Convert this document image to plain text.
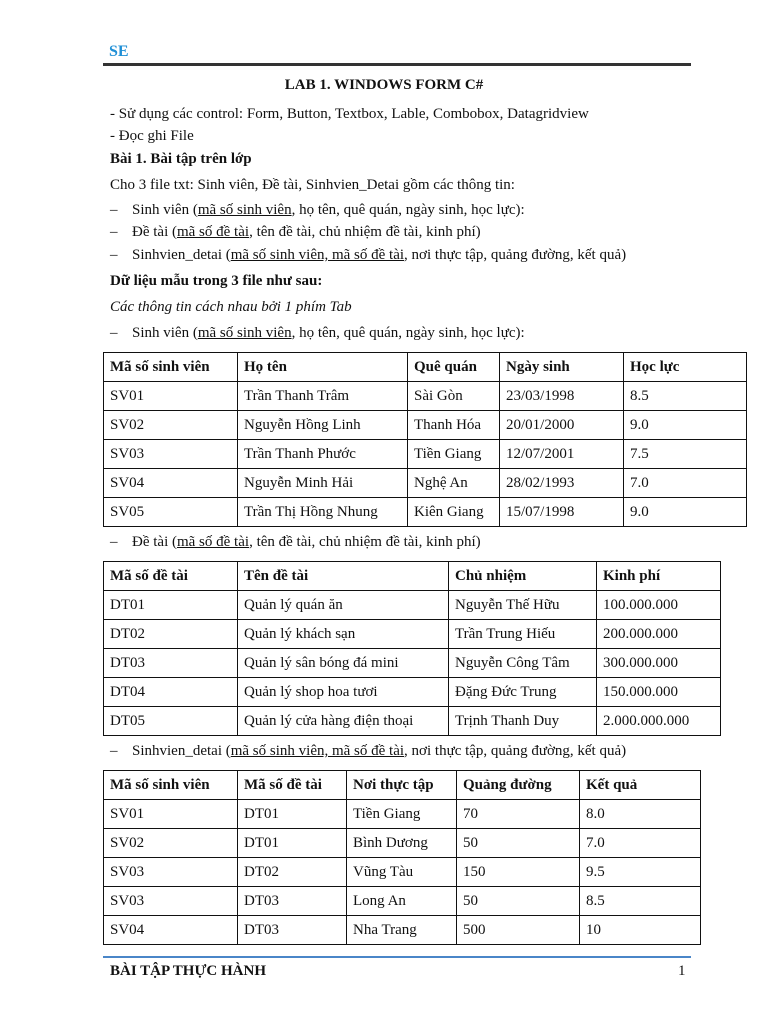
SE
LAB 1. WINDOWS FORM C#
- Sử dụng các control: Form, Button, Textbox, Lable, Combobox, Datagridview
- Đọc ghi File
Bài 1. Bài tập trên lớp
Cho 3 file txt: Sinh viên, Đề tài, Sinhvien_Detai gồm các thông tin:
– Sinh viên (mã số sinh viên, họ tên, quê quán, ngày sinh, học lực):
– Đề tài (mã số đề tài, tên đề tài, chủ nhiệm đề tài, kinh phí)
– Sinhvien_detai (mã số sinh viên, mã số đề tài, nơi thực tập, quảng đường, kết quả)
Dữ liệu mẫu trong 3 file như sau:
Các thông tin cách nhau bởi 1 phím Tab
– Sinh viên (mã số sinh viên, họ tên, quê quán, ngày sinh, học lực):
Mã số sinh viên	Họ tên	Quê quán	Ngày sinh	Học lực
SV01	Trần Thanh Trâm	Sài Gòn	23/03/1998	8.5
SV02	Nguyễn Hồng Linh	Thanh Hóa	20/01/2000	9.0
SV03	Trần Thanh Phước	Tiền Giang	12/07/2001	7.5
SV04	Nguyễn Minh Hải	Nghệ An	28/02/1993	7.0
SV05	Trần Thị Hồng Nhung	Kiên Giang	15/07/1998	9.0
– Đề tài (mã số đề tài, tên đề tài, chủ nhiệm đề tài, kinh phí)
Mã số đề tài	Tên đề tài	Chủ nhiệm	Kinh phí
DT01	Quản lý quán ăn	Nguyễn Thế Hữu	100.000.000
DT02	Quản lý khách sạn	Trần Trung Hiếu	200.000.000
DT03	Quản lý sân bóng đá mini	Nguyễn Công Tâm	300.000.000
DT04	Quản lý shop hoa tươi	Đặng Đức Trung	150.000.000
DT05	Quản lý cửa hàng điện thoại	Trịnh Thanh Duy	2.000.000.000
– Sinhvien_detai (mã số sinh viên, mã số đề tài, nơi thực tập, quảng đường, kết quả)
Mã số sinh viên	Mã số đề tài	Nơi thực tập	Quảng đường	Kết quả
SV01	DT01	Tiền Giang	70	8.0
SV02	DT01	Bình Dương	50	7.0
SV03	DT02	Vũng Tàu	150	9.5
SV03	DT03	Long An	50	8.5
SV04	DT03	Nha Trang	500	10
BÀI TẬP THỰC HÀNH	1
